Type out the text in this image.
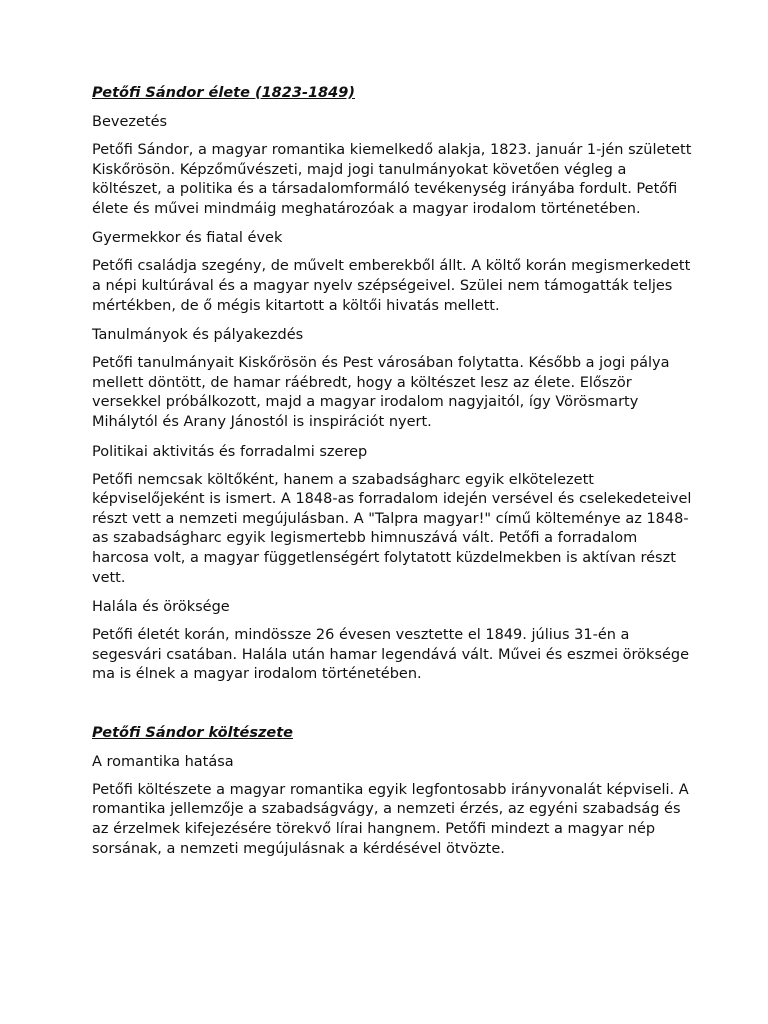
Petőfi Sándor élete (1823-1849)
Bevezetés
Petőfi Sándor, a magyar romantika kiemelkedő alakja, 1823. január 1-jén született Kiskőrösön. Képzőművészeti, majd jogi tanulmányokat követően végleg a költészet, a politika és a társadalomformáló tevékenység irányába fordult. Petőfi élete és művei mindmáig meghatározóak a magyar irodalom történetében.
Gyermekkor és fiatal évek
Petőfi családja szegény, de művelt emberekből állt. A költő korán megismerkedett a népi kultúrával és a magyar nyelv szépségeivel. Szülei nem támogatták teljes mértékben, de ő mégis kitartott a költői hivatás mellett.
Tanulmányok és pályakezdés
Petőfi tanulmányait Kiskőrösön és Pest városában folytatta. Később a jogi pálya mellett döntött, de hamar ráébredt, hogy a költészet lesz az élete. Először versekkel próbálkozott, majd a magyar irodalom nagyjaitól, így Vörösmarty Mihálytól és Arany Jánostól is inspirációt nyert.
Politikai aktivitás és forradalmi szerep
Petőfi nemcsak költőként, hanem a szabadságharc egyik elkötelezett képviselőjeként is ismert. A 1848-as forradalom idején versével és cselekedeteivel részt vett a nemzeti megújulásban. A "Talpra magyar!" című költeménye az 1848-as szabadságharc egyik legismertebb himnuszává vált. Petőfi a forradalom harcosa volt, a magyar függetlenségért folytatott küzdelmekben is aktívan részt vett.
Halála és öröksége
Petőfi életét korán, mindössze 26 évesen vesztette el 1849. július 31-én a segesvári csatában. Halála után hamar legendává vált. Művei és eszmei öröksége ma is élnek a magyar irodalom történetében.
Petőfi Sándor költészete
A romantika hatása
Petőfi költészete a magyar romantika egyik legfontosabb irányvonalát képviseli. A romantika jellemzője a szabadságvágy, a nemzeti érzés, az egyéni szabadság és az érzelmek kifejezésére törekvő lírai hangnem. Petőfi mindezt a magyar nép sorsának, a nemzeti megújulásnak a kérdésével ötvözte.
